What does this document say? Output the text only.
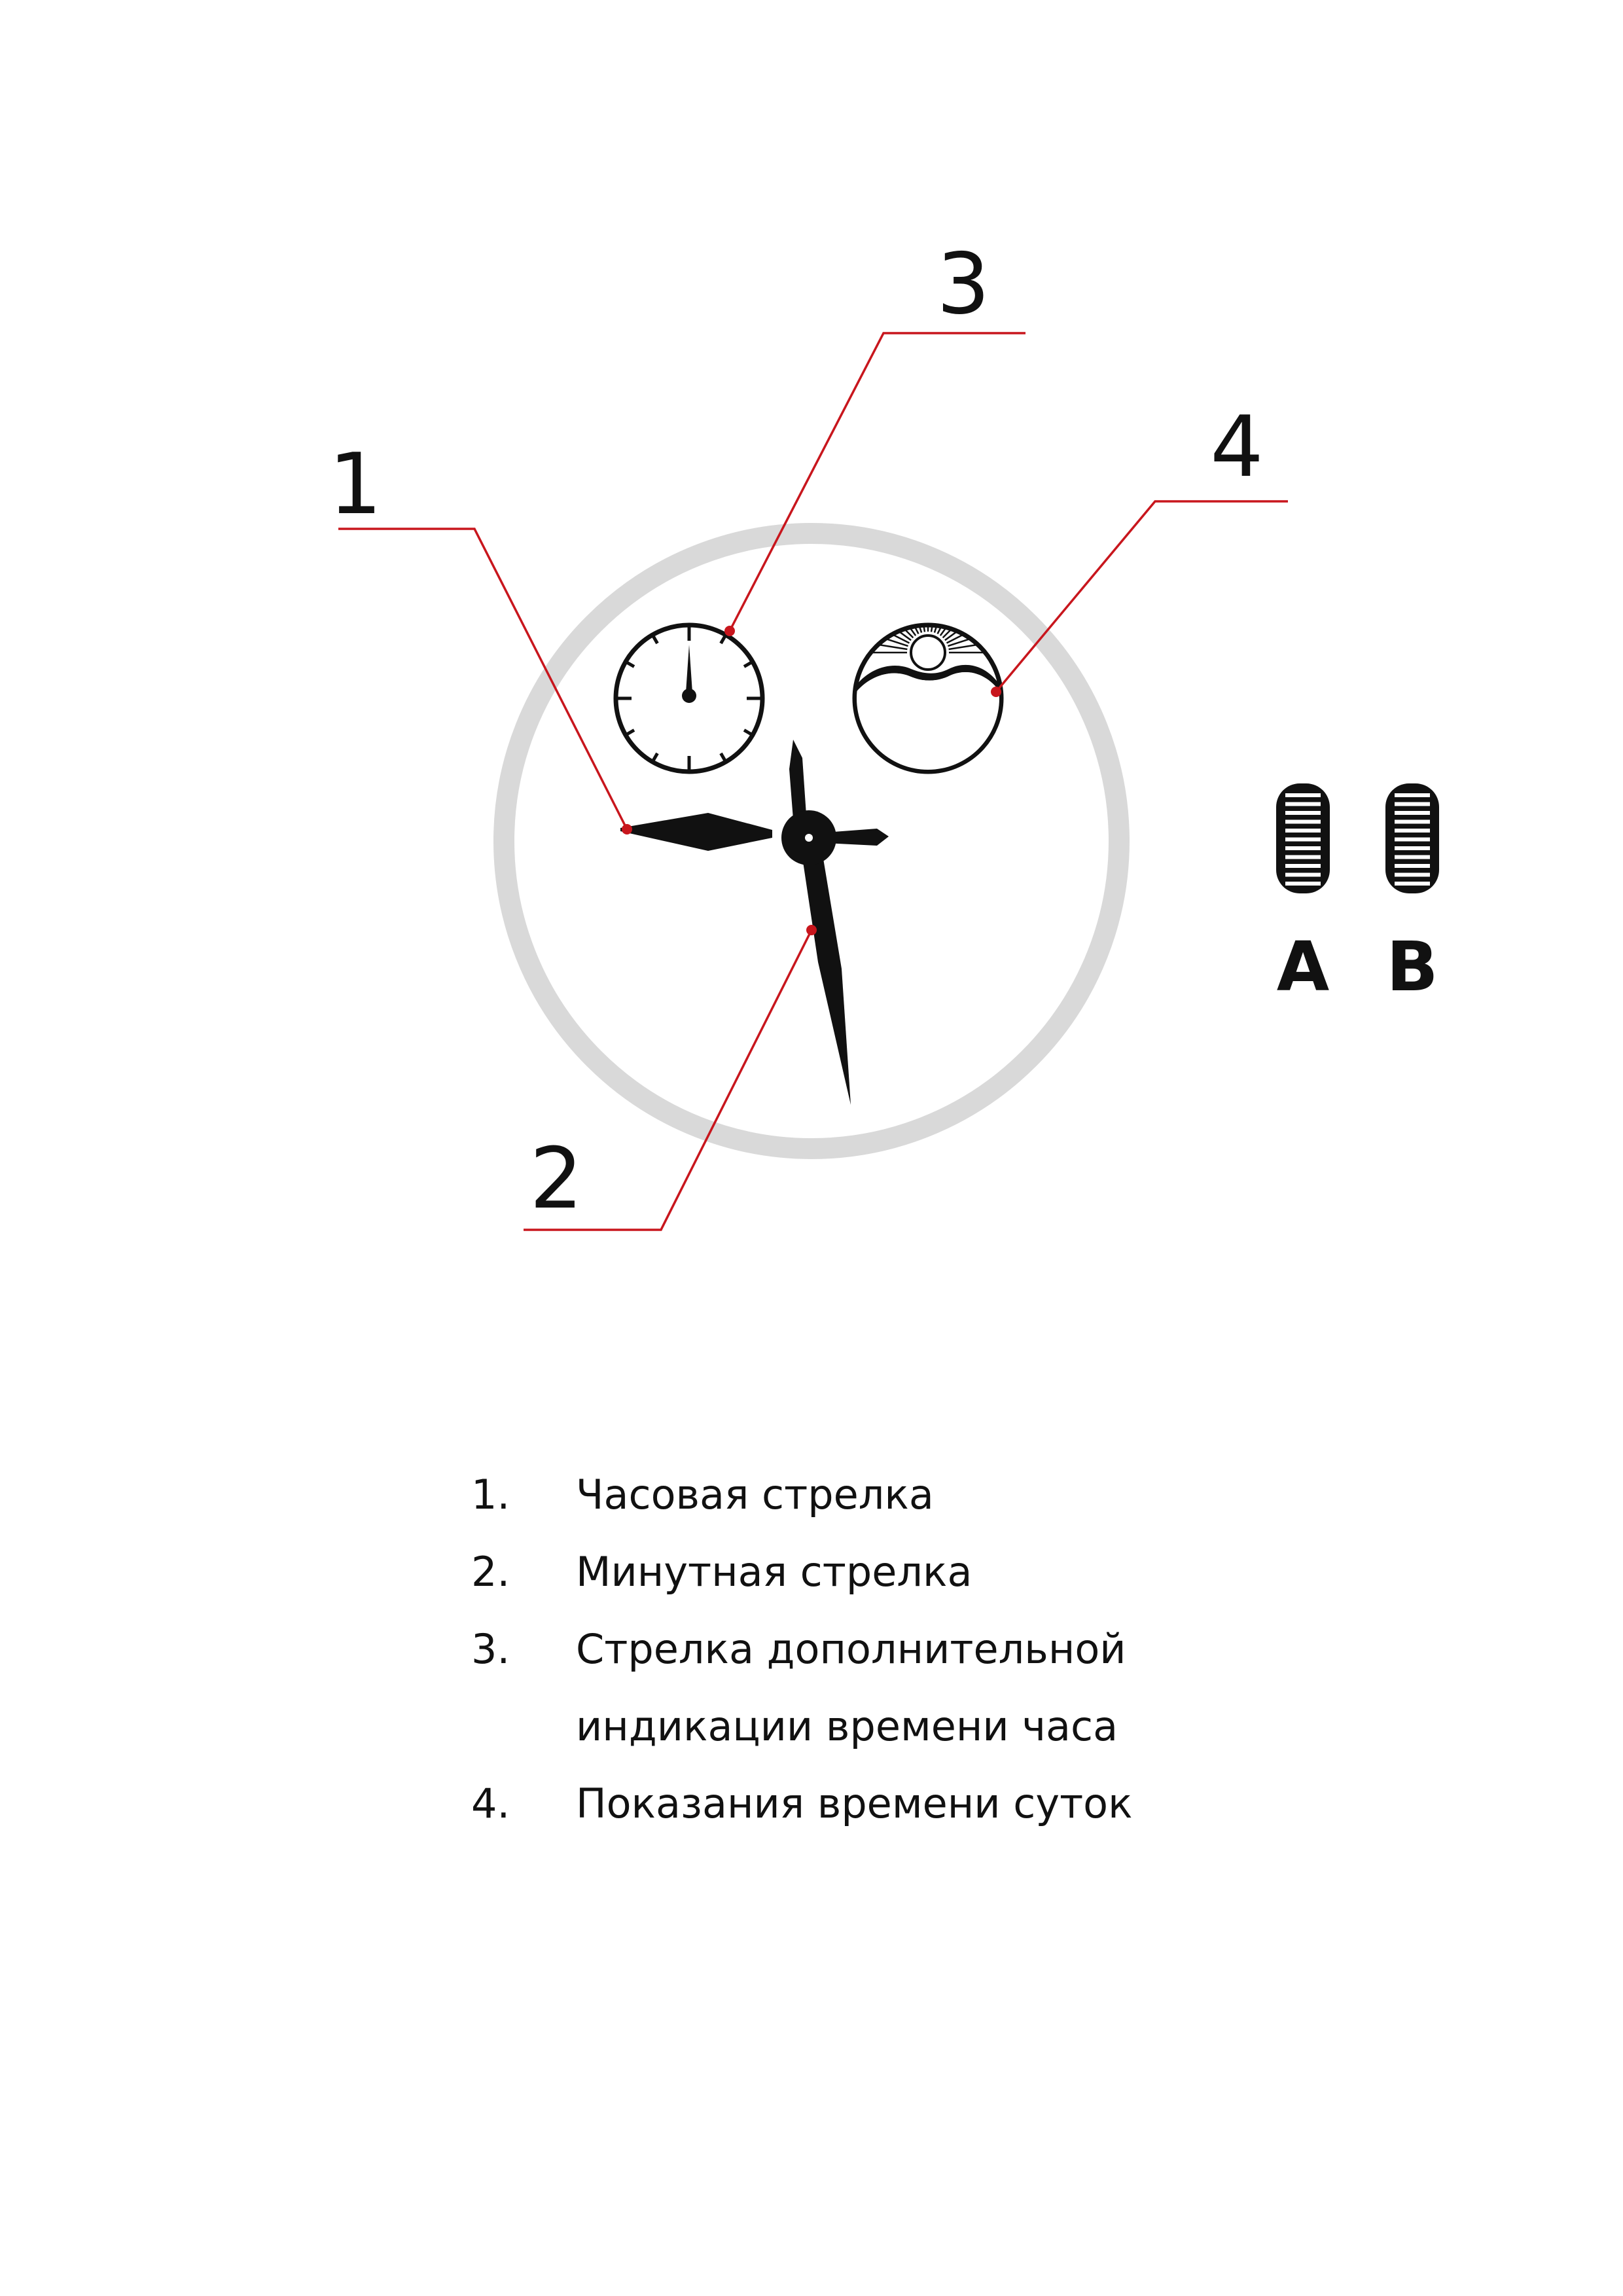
1
2
3
4
A B
1.	Часовая стрелка
2.	Минутная стрелка
3.	Стрелка дополнительной
индикации времени часа
4.	Показания времени суток
